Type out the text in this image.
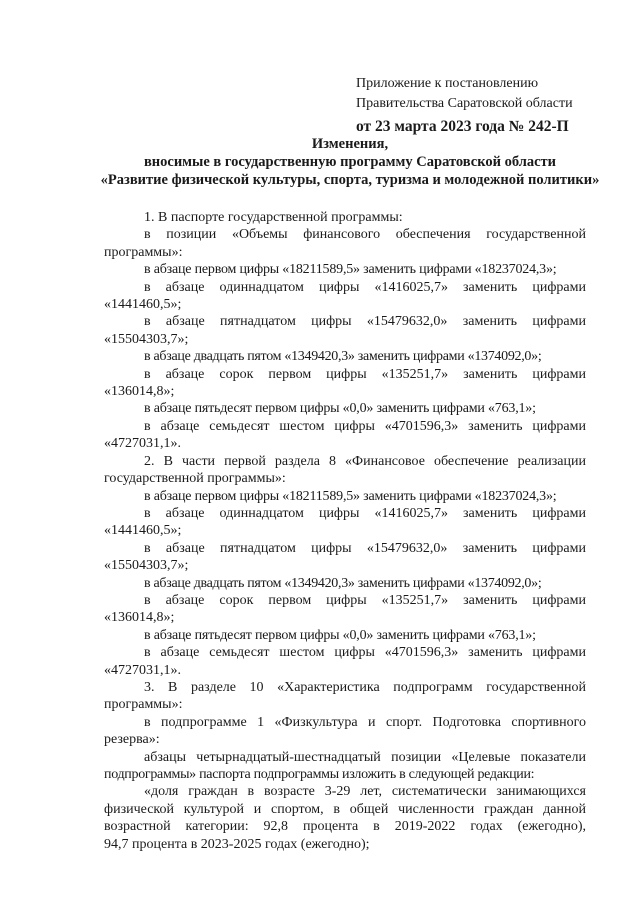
Приложение к постановлению
Правительства Саратовской области
от 23 марта 2023 года № 242-П
Изменения,
вносимые в государственную программу Саратовской области
«Развитие физической культуры, спорта, туризма и молодежной политики»
1. В паспорте государственной программы:
в позиции «Объемы финансового обеспечения государственной
программы»:
в абзаце первом цифры «18211589,5» заменить цифрами «18237024,3»;
в абзаце одиннадцатом цифры «1416025,7» заменить цифрами
«1441460,5»;
в абзаце пятнадцатом цифры «15479632,0» заменить цифрами
«15504303,7»;
в абзаце двадцать пятом «1349420,3» заменить цифрами «1374092,0»;
в абзаце сорок первом цифры «135251,7» заменить цифрами
«136014,8»;
в абзаце пятьдесят первом цифры «0,0» заменить цифрами «763,1»;
в абзаце семьдесят шестом цифры «4701596,3» заменить цифрами
«4727031,1».
2. В части первой раздела 8 «Финансовое обеспечение реализации
государственной программы»:
в абзаце первом цифры «18211589,5» заменить цифрами «18237024,3»;
в абзаце одиннадцатом цифры «1416025,7» заменить цифрами
«1441460,5»;
в абзаце пятнадцатом цифры «15479632,0» заменить цифрами
«15504303,7»;
в абзаце двадцать пятом «1349420,3» заменить цифрами «1374092,0»;
в абзаце сорок первом цифры «135251,7» заменить цифрами
«136014,8»;
в абзаце пятьдесят первом цифры «0,0» заменить цифрами «763,1»;
в абзаце семьдесят шестом цифры «4701596,3» заменить цифрами
«4727031,1».
3. В разделе 10 «Характеристика подпрограмм государственной
программы»:
в подпрограмме 1 «Физкультура и спорт. Подготовка спортивного
резерва»:
абзацы четырнадцатый-шестнадцатый позиции «Целевые показатели
подпрограммы» паспорта подпрограммы изложить в следующей редакции:
«доля граждан в возрасте 3-29 лет, систематически занимающихся
физической культурой и спортом, в общей численности граждан данной
возрастной категории: 92,8 процента в 2019-2022 годах (ежегодно),
94,7 процента в 2023-2025 годах (ежегодно);
